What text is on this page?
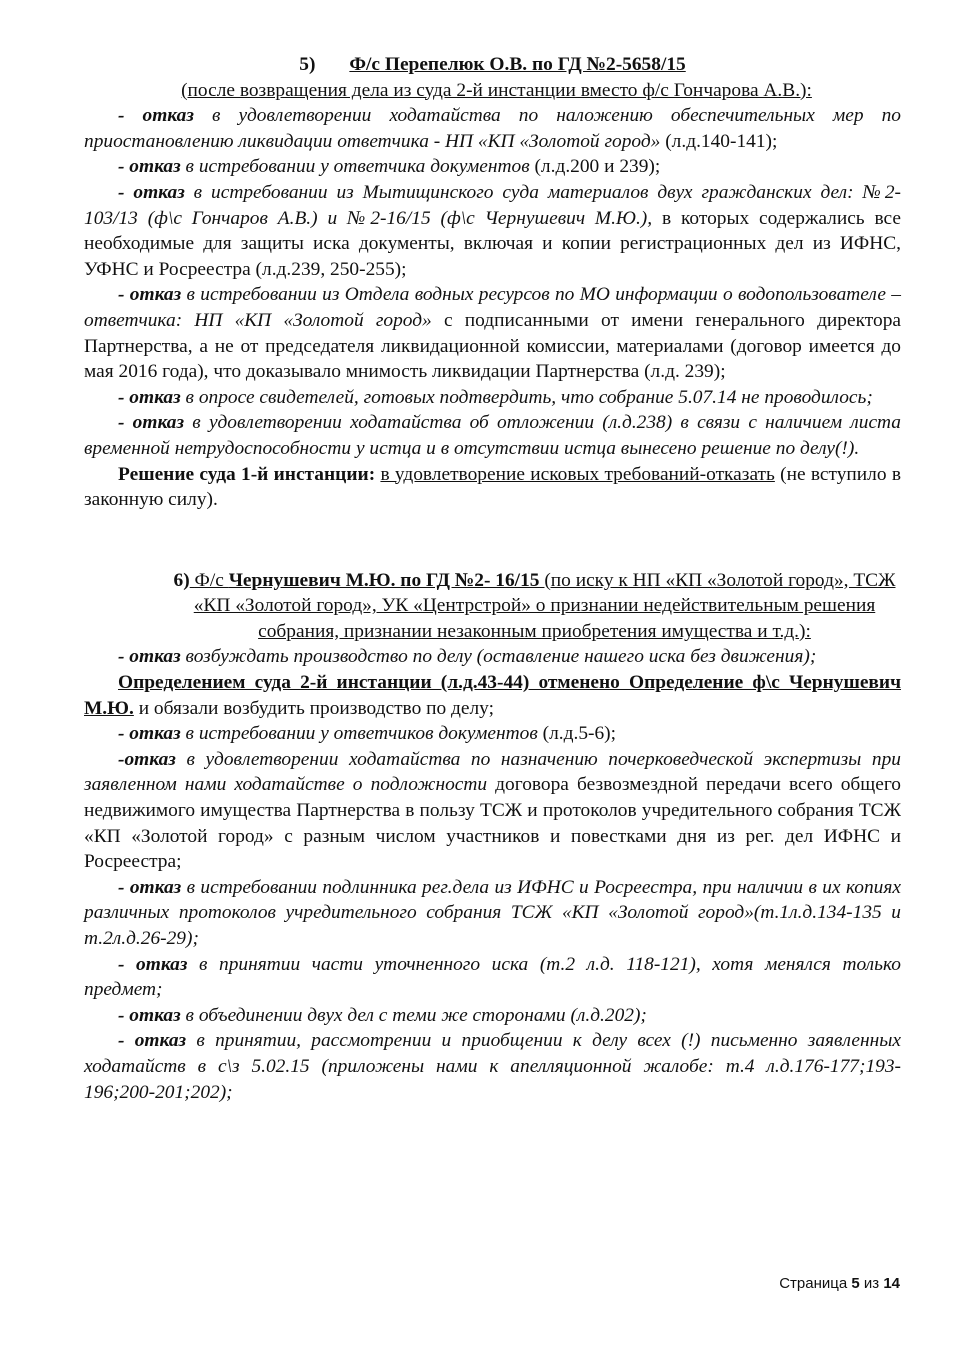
5) Ф/с Перепелюк О.В. по ГД №2-5658/15

(после возвращения дела из суда 2-й инстанции вместо ф/с Гончарова А.В.):

- отказ в удовлетворении ходатайства по наложению обеспечительных мер по приостановлению ликвидации ответчика - НП «КП «Золотой город» (л.д.140-141);

- отказ в истребовании у ответчика документов (л.д.200 и 239);

- отказ в истребовании из Мытищинского суда материалов двух гражданских дел: №2-103/13 (ф\с Гончаров А.В.) и №2-16/15 (ф\с Чернушевич М.Ю.), в которых содержались все необходимые для защиты иска документы, включая и копии регистрационных дел из ИФНС, УФНС и Росреестра (л.д.239, 250-255);

- отказ в истребовании из Отдела водных ресурсов по МО информации о водопользователе – ответчика: НП «КП «Золотой город» с подписанными от имени генерального директора Партнерства, а не от председателя ликвидационной комиссии, материалами (договор имеется до мая 2016 года), что доказывало мнимость ликвидации Партнерства (л.д. 239);

- отказ в опросе свидетелей, готовых подтвердить, что собрание 5.07.14 не проводилось;

- отказ в удовлетворении ходатайства об отложении (л.д.238) в связи с наличием листа временной нетрудоспособности у истца и в отсутствии истца вынесено решение по делу(!).

Решение суда 1-й инстанции: в удовлетворение исковых требований-отказать (не вступило в законную силу).

6) Ф/с Чернушевич М.Ю. по ГД №2- 16/15 (по иску к НП «КП «Золотой город», ТСЖ «КП «Золотой город», УК «Центрстрой» о признании недействительным решения собрания, признании незаконным приобретения имущества и т.д.):

- отказ возбуждать производство по делу (оставление нашего иска без движения);

Определением суда 2-й инстанции (л.д.43-44) отменено Определение ф\с Чернушевич М.Ю. и обязали возбудить производство по делу;

- отказ в истребовании у ответчиков документов (л.д.5-6);

-отказ в удовлетворении ходатайства по назначению почерковедческой экспертизы при заявленном нами ходатайстве о подложности договора безвозмездной передачи всего общего недвижимого имущества Партнерства в пользу ТСЖ и протоколов учредительного собрания ТСЖ «КП «Золотой город» с разным числом участников и повестками дня из рег. дел ИФНС и Росреестра;

- отказ в истребовании подлинника рег.дела из ИФНС и Росреестра, при наличии в их копиях различных протоколов учредительного собрания ТСЖ «КП «Золотой город»(т.1л.д.134-135 и т.2л.д.26-29);

- отказ в принятии части уточненного иска (т.2 л.д. 118-121), хотя менялся только предмет;

- отказ в объединении двух дел с теми же сторонами (л.д.202);

- отказ в принятии, рассмотрении и приобщении к делу всех (!) письменно заявленных ходатайств в с\з 5.02.15 (приложены нами к апелляционной жалобе: т.4 л.д.176-177;193-196;200-201;202);

Страница 5 из 14
